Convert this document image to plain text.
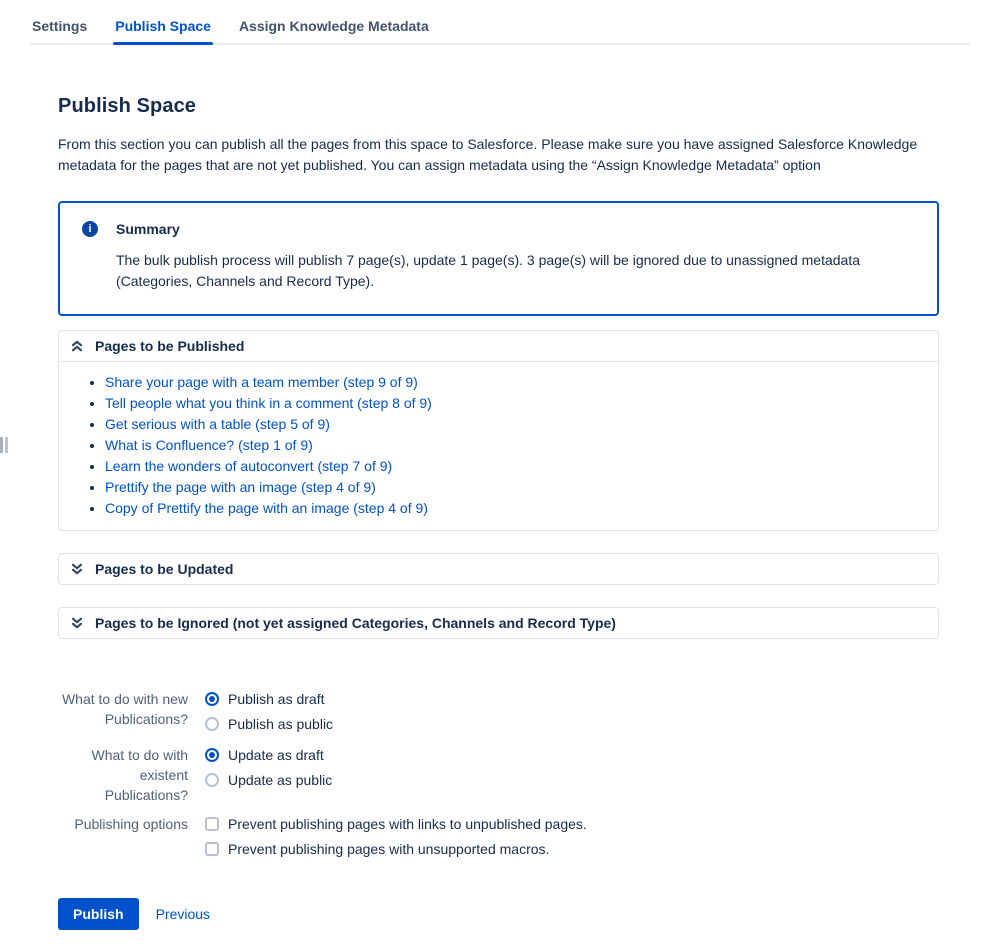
Settings Publish Space Assign Knowledge Metadata
Publish Space

From this section you can publish all the pages from this space to Salesforce. Please make sure you have assigned Salesforce Knowledge metadata for the pages that are not yet published. You can assign metadata using the “Assign Knowledge Metadata” option

i	Summary

The bulk publish process will publish 7 page(s), update 1 page(s). 3 page(s) will be ignored due to unassigned metadata (Categories, Channels and Record Type).

Pages to be Published
• Share your page with a team member (step 9 of 9)
• Tell people what you think in a comment (step 8 of 9)
• Get serious with a table (step 5 of 9)
• What is Confluence? (step 1 of 9)
• Learn the wonders of autoconvert (step 7 of 9)
• Prettify the page with an image (step 4 of 9)
• Copy of Prettify the page with an image (step 4 of 9)
Pages to be Updated
Pages to be Ignored (not yet assigned Categories, Channels and Record Type)
What to do with new Publications?
Publish as draft
Publish as public
What to do with existent Publications?
Update as draft
Update as public
Publishing options	Prevent publishing pages with links to unpublished pages.
Prevent publishing pages with unsupported macros.
Publish	Previous
